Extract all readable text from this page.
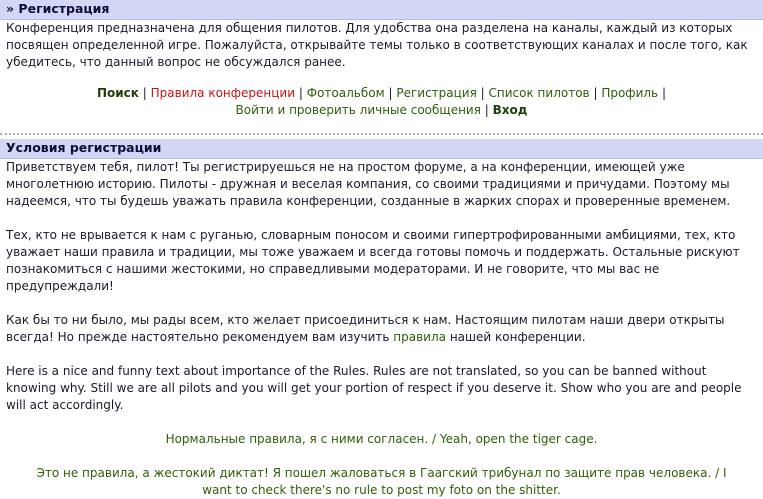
» Регистрация

Конференция предназначена для общения пилотов. Для удобства она разделена на каналы, каждый из которых посвящен определенной игре. Пожалуйста, открывайте темы только в соответствующих каналах и после того, как убедитесь, что данный вопрос не обсуждался ранее.

Поиск | Правила конференции | Фотоальбом | Регистрация | Список пилотов | Профиль | Войти и проверить личные сообщения | Вход
Условия регистрации

Приветствуем тебя, пилот! Ты регистрируешься не на простом форуме, а на конференции, имеющей уже многолетнюю историю. Пилоты - дружная и веселая компания, со своими традициями и причудами. Поэтому мы надеемся, что ты будешь уважать правила конференции, созданные в жарких спорах и проверенные временем.

Тех, кто не врывается к нам с руганью, словарным поносом и своими гипертрофированными амбициями, тех, кто уважает наши правила и традиции, мы тоже уважаем и всегда готовы помочь и поддержать. Остальные рискуют познакомиться с нашими жестокими, но справедливыми модераторами. И не говорите, что мы вас не предупреждали!

Как бы то ни было, мы рады всем, кто желает присоединиться к нам. Настоящим пилотам наши двери открыты всегда! Но прежде настоятельно рекомендуем вам изучить правила нашей конференции.

Here is a nice and funny text about importance of the Rules. Rules are not translated, so you can be banned without knowing why. Still we are all pilots and you will get your portion of respect if you deserve it. Show who you are and people will act accordingly.

Нормальные правила, я с ними согласен. / Yeah, open the tiger cage.
Это не правила, а жестокий диктат! Я пошел жаловаться в Гаагский трибунал по защите прав человека. / I want to check there's no rule to post my foto on the shitter.
